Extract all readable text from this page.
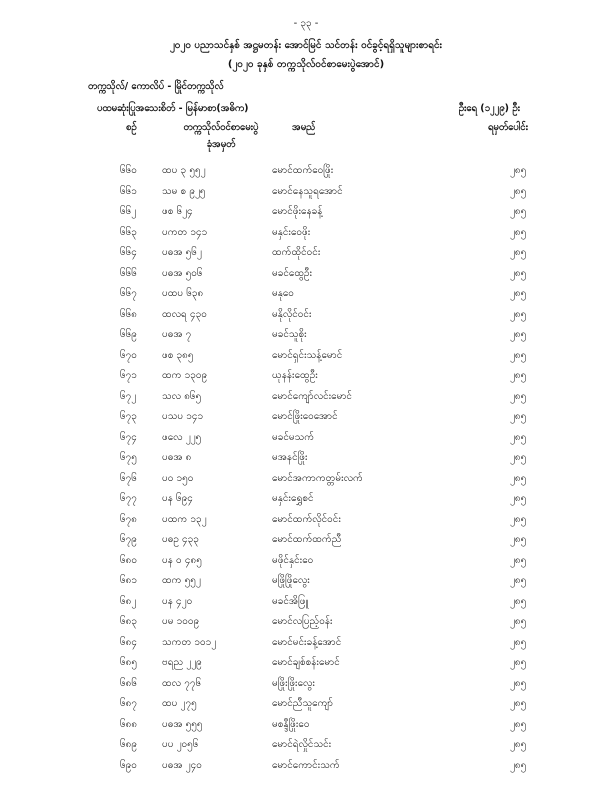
- ၃၃ -
၂၀၂၀ ပညာသင်နှစ် အဋ္ဌမတန်း အောင်မြင် သင်တန်း ဝင်ခွင့်ရရှိသူများစာရင်း
(၂၀၂၀ ခုနှစ် တက္ကသိုလ်ဝင်စာမေးပွဲအောင်)
တက္ကသိုလ်/ ကောလိပ် - မြိုင်တက္ကသိုလ်
ပထမဆုံးပြုအသေးစိတ် - မြန်မာစာ(အဓိက)	ဦးရေ (၁၂၂၉) ဦး
စဉ်	တက္ကသိုလ်ဝင်စာမေးပွဲ
ခုံအမှတ်
အမည်	ရမှတ်ပေါင်း
၆၆၀	ထပ ၃ ၅၅၂	မောင်ထက်ဝေဖြိုး	၂၈၅
၆၆၁	သမ စ ၉၂၅	မောင်နေသူရအောင်	၂၈၅
၆၆၂	ဖစ ၆၂၄	မောင်ဖိုးနေခန့်	၂၈၅
၆၆၃	ပကတ ၁၄၁	မနှင်းဝေဖိုး	၂၈၅
၆၆၄	ပဓအ ၅၆၂	ထက်ထိုင်ဝင်း	၂၈၅
၆၆၆	ပဓအ ၅၀၆	မခင်ထွေဦး	၂၈၅
၆၆၇	ပထပ ၆၃၈	မနုဝေ	၂၈၅
၆၆၈	ထလရ ၄၃၀	မနိုလိုင်ဝင်း	၂၈၅
၆၆၉	ပဓအ ၇	မခင်သူစိုး	၂၈၅
၆၇၀	ဖစ ၃၈၅	မောင်ရှင်းသန့်မောင်	၂၈၅
၆၇၁	ထက ၁၃၀၉	ယုနန်းထွေဦး	၂၈၅
၆၇၂	သလ ၈၆၅	မောင်ကျော်လင်းမောင်	၂၈၅
၆၇၃	ပသပ ၁၄၁	မောင်ဖြိုးဝေအောင်	၂၈၅
၆၇၄	ဖလေ ၂၂၅	မခင်မသက်	၂၈၅
၆၇၅	ပဓအ ၈	မအနင်ဖြိုး	၂၈၅
၆၇၆	ပဝ ၁၅၀	မောင်အကာကတ္တမ်းလက်	၂၈၅
၆၇၇	ပန ၆၉၄	မနှင်းရွှေစင်	၂၈၅
၆၇၈	ပထက ၁၃၂	မောင်ထက်လိုင်ဝင်း	၂၈၅
၆၇၉	ပဓဥ ၄၃၃	မောင်ထက်ထက်ညီ	၂၈၅
၆၈၀	ပန ၀ ၄၈၅	မဖိုင်နှင်းဝေ	၂၈၅
၆၈၁	ထက ၅၅၂	မဖြိုဖြိုလွေး	၂၈၅
၆၈၂	ပန ၄၂၀	မခင်အိဖြူ	၂၈၅
၆၈၃	ပမ ၁၀၀၉	မောင်လပြည့်ဝန်း	၂၈၅
၆၈၄	သကတ ၁၀၁၂	မောင်မင်းခန့်အောင်	၂၈၅
၆၈၅	ဗရည ၂၂၉	မောင်ချစ်စန်းမောင်	၂၈၅
၆၈၆	ထလ ၇၇၆	မဖြိုးဖြိုးလွေး	၂၈၅
၆၈၇	ထပ ၂၇၅	မောင်ညီသူကျော်	၂၈၅
၆၈၈	ပဓအ ၅၅၅	မစန္ဒီဖြိုးဝေ	၂၈၅
၆၈၉	ပပ ၂၀၅၆	မောင်ရဲလှိုင်သင်း	၂၈၅
၆၉၀	ပဓအ ၂၄၀	မောင်ကောင်းသက်	၂၈၅
